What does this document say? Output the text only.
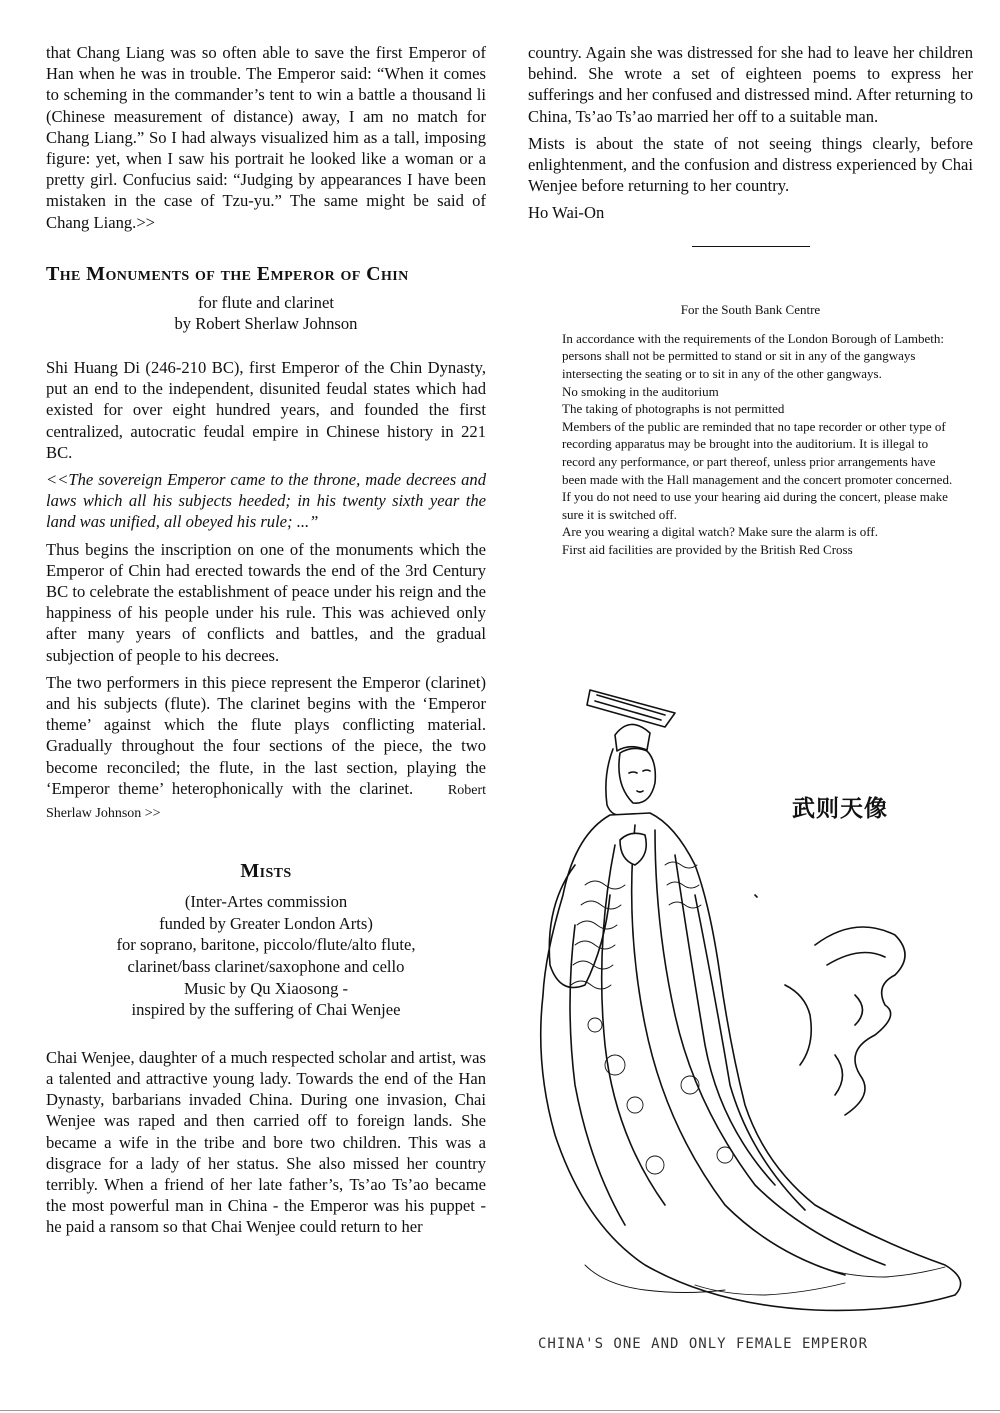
that Chang Liang was so often able to save the first Emperor of Han when he was in trouble. The Emperor said: “When it comes to scheming in the commander’s tent to win a battle a thousand li (Chinese measurement of distance) away, I am no match for Chang Liang.” So I had always visualized him as a tall, imposing figure: yet, when I saw his portrait he looked like a woman or a pretty girl. Confucius said: “Judging by appearances I have been mistaken in the case of Tzu-yu.” The same might be said of Chang Liang.>>

The Monuments of the Emperor of Chin

for flute and clarinet

by Robert Sherlaw Johnson

Shi Huang Di (246-210 BC), first Emperor of the Chin Dynasty, put an end to the independent, disunited feudal states which had existed for over eight hundred years, and founded the first centralized, autocratic feudal empire in Chinese history in 221 BC.

<<The sovereign Emperor came to the throne, made decrees and laws which all his subjects heeded; in his twenty sixth year the land was unified, all obeyed his rule; ...”

Thus begins the inscription on one of the monuments which the Emperor of Chin had erected towards the end of the 3rd Century BC to celebrate the establishment of peace under his reign and the happiness of his people under his rule. This was achieved only after many years of conflicts and battles, and the gradual subjection of people to his decrees.

The two performers in this piece represent the Emperor (clarinet) and his subjects (flute). The clarinet begins with the ‘Emperor theme’ against which the flute plays conflicting material. Gradually throughout the four sections of the piece, the two become reconciled; the flute, in the last section, playing the ‘Emperor theme’ heterophonically with the clarinet. Robert Sherlaw Johnson >>

Mists

(Inter-Artes commission

funded by Greater London Arts)

for soprano, baritone, piccolo/flute/alto flute,

clarinet/bass clarinet/saxophone and cello

Music by Qu Xiaosong -

inspired by the suffering of Chai Wenjee

Chai Wenjee, daughter of a much respected scholar and artist, was a talented and attractive young lady. Towards the end of the Han Dynasty, barbarians invaded China. During one invasion, Chai Wenjee was raped and then carried off to foreign lands. She became a wife in the tribe and bore two children. This was a disgrace for a lady of her status. She also missed her country terribly. When a friend of her late father’s, Ts’ao Ts’ao became the most powerful man in China - the Emperor was his puppet - he paid a ransom so that Chai Wenjee could return to her

country. Again she was distressed for she had to leave her children behind. She wrote a set of eighteen poems to express her sufferings and her confused and distressed mind. After returning to China, Ts’ao Ts’ao married her off to a suitable man.

Mists is about the state of not seeing things clearly, before enlightenment, and the confusion and distress experienced by Chai Wenjee before returning to her country.

Ho Wai-On

For the South Bank Centre

In accordance with the requirements of the London Borough of Lambeth: persons shall not be permitted to stand or sit in any of the gangways intersecting the seating or to sit in any of the other gangways.

No smoking in the auditorium

The taking of photographs is not permitted

Members of the public are reminded that no tape recorder or other type of recording apparatus may be brought into the auditorium. It is illegal to record any performance, or part thereof, unless prior arrangements have been made with the Hall management and the concert promoter concerned.

If you do not need to use your hearing aid during the concert, please make sure it is switched off.

Are you wearing a digital watch? Make sure the alarm is off.

First aid facilities are provided by the British Red Cross

武则天像
CHINA'S ONE AND ONLY FEMALE EMPEROR
